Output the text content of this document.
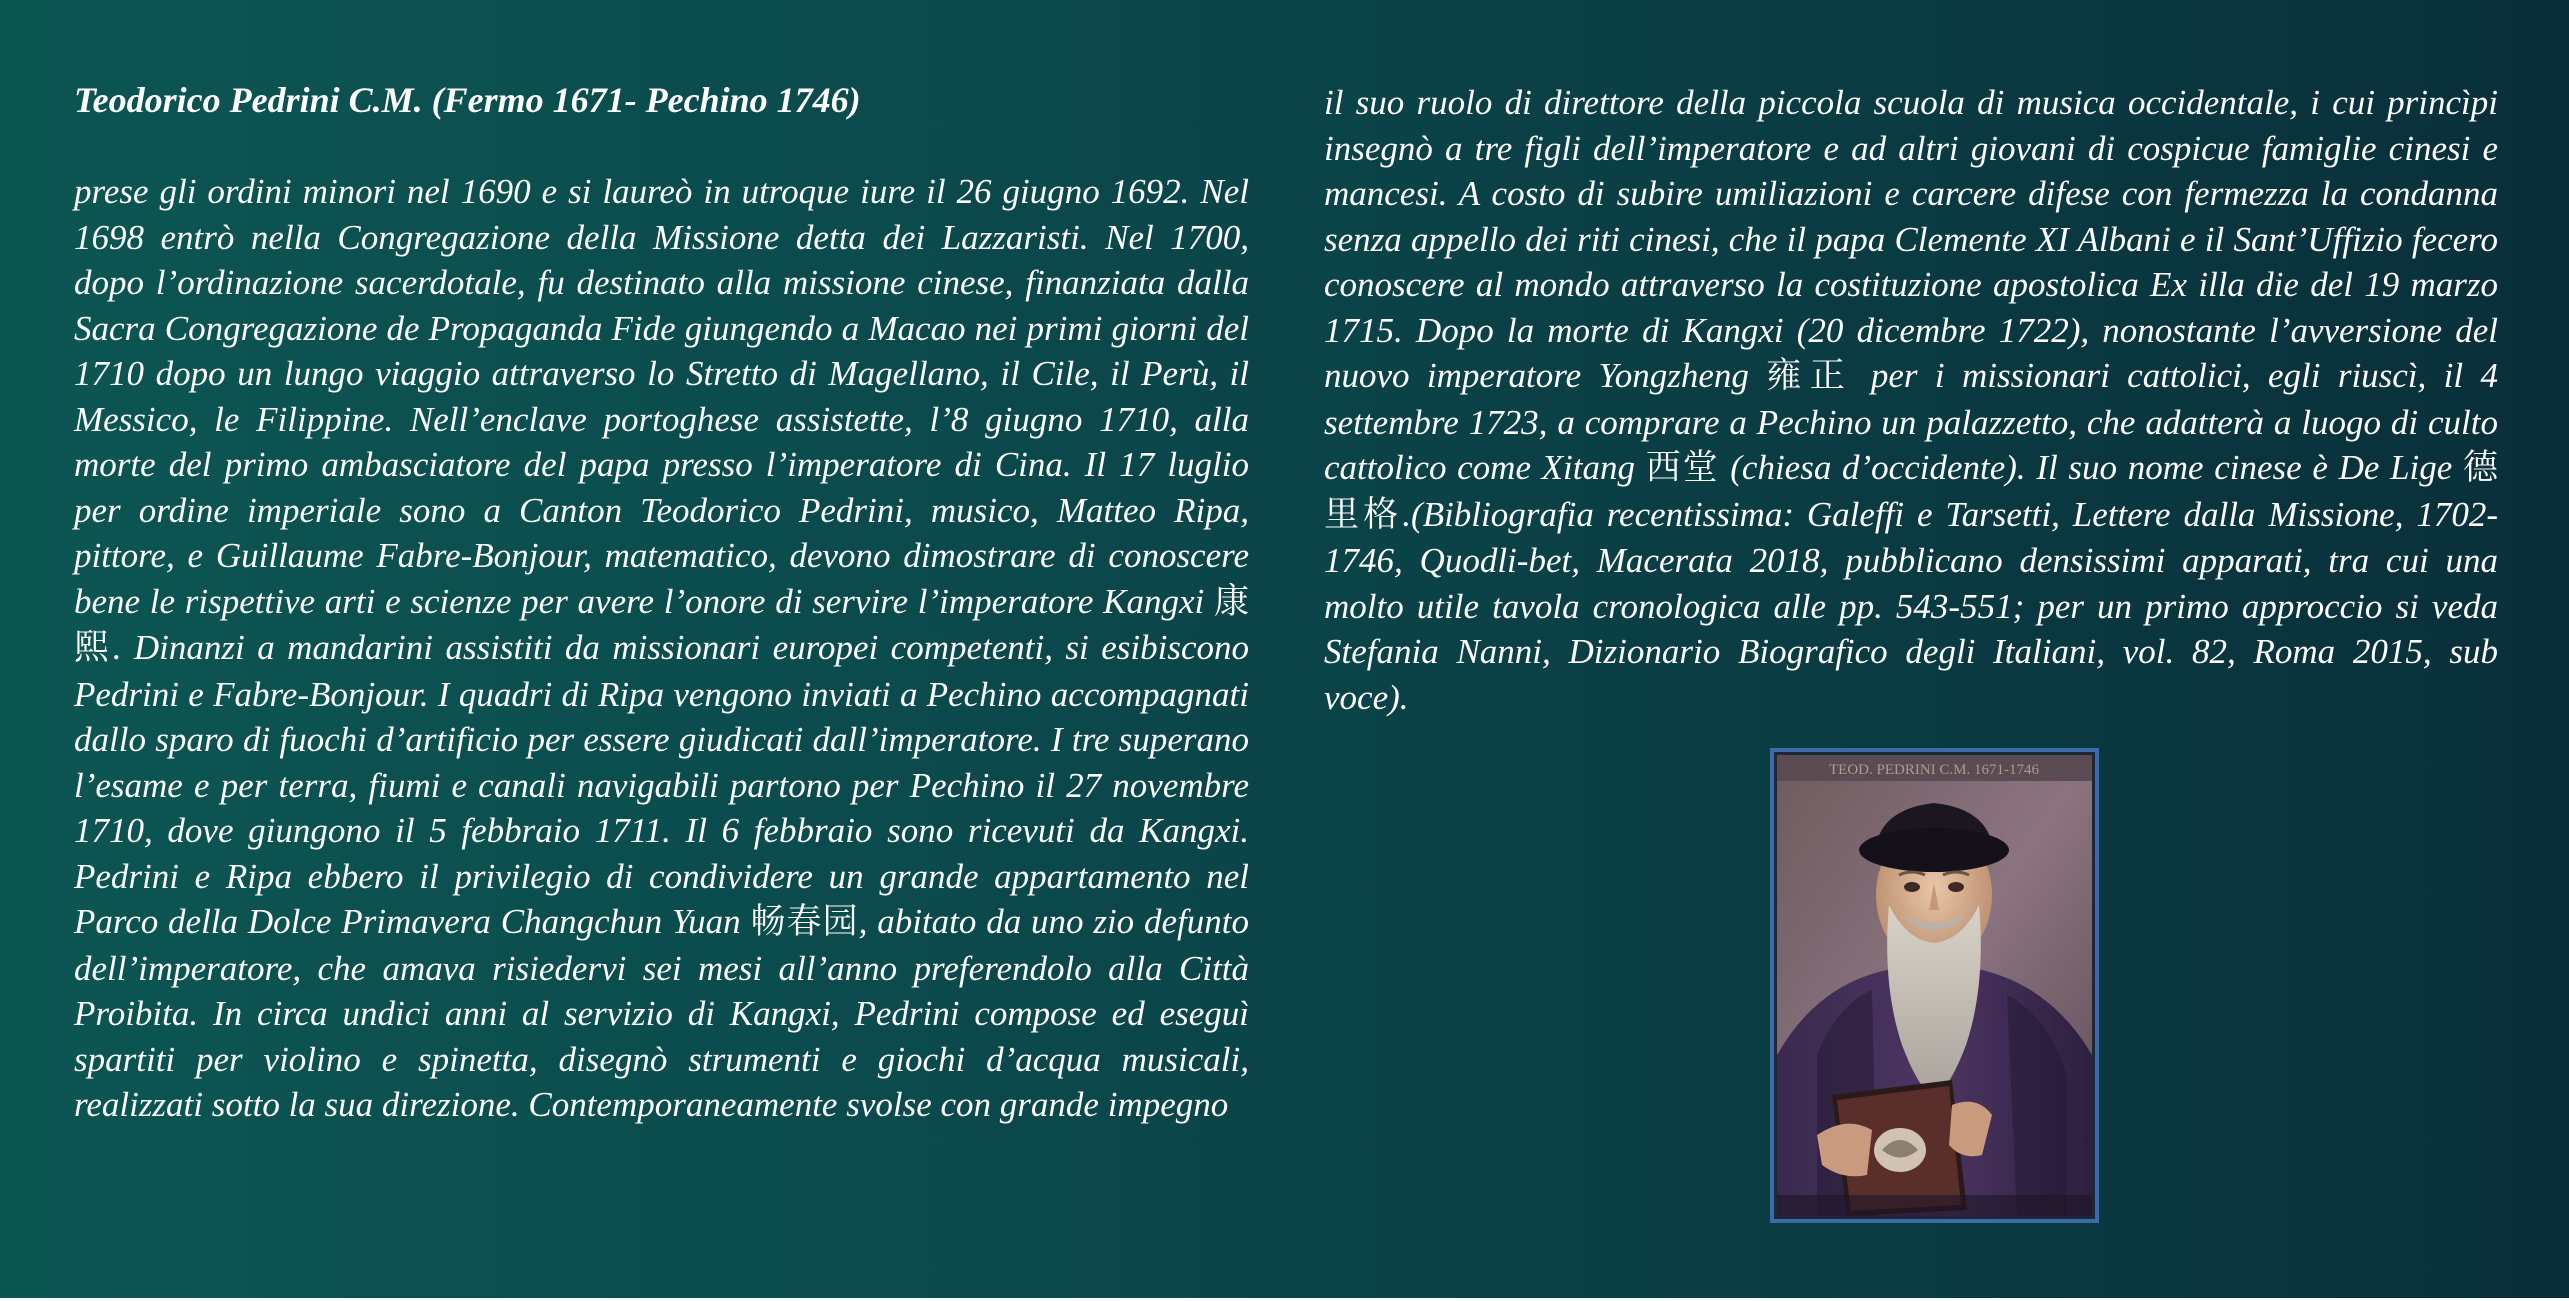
Teodorico Pedrini C.M. (Fermo 1671- Pechino 1746)

prese gli ordini minori nel 1690 e si laureò in utroque iure il 26 giugno 1692. Nel 1698 entrò nella Congregazione della Missione detta dei Lazzaristi. Nel 1700, dopo l’ordinazione sacerdotale, fu destinato alla missione cinese, finanziata dalla Sacra Congregazione de Propaganda Fide giungendo a Macao nei primi giorni del 1710 dopo un lungo viaggio attraverso lo Stretto di Magellano, il Cile, il Perù, il Messico, le Filippine. Nell’enclave portoghese assistette, l’8 giugno 1710, alla morte del primo ambasciatore del papa presso l’imperatore di Cina. Il 17 luglio per ordine imperiale sono a Canton Teodorico Pedrini, musico, Matteo Ripa, pittore, e Guillaume Fabre-Bonjour, matematico, devono dimostrare di conoscere bene le rispettive arti e scienze per avere l’onore di servire l’imperatore Kangxi 康熙. Dinanzi a mandarini assistiti da missionari europei competenti, si esibiscono Pedrini e Fabre-Bonjour. I quadri di Ripa vengono inviati a Pechino accompagnati dallo sparo di fuochi d’artificio per essere giudicati dall’imperatore. I tre superano l’esame e per terra, fiumi e canali navigabili partono per Pechino il 27 novembre 1710, dove giungono il 5 febbraio 1711. Il 6 febbraio sono ricevuti da Kangxi. Pedrini e Ripa ebbero il privilegio di condividere un grande appartamento nel Parco della Dolce Primavera Changchun Yuan 畅春园, abitato da uno zio defunto dell’imperatore, che amava risiedervi sei mesi all’anno preferendolo alla Città Proibita. In circa undici anni al servizio di Kangxi, Pedrini compose ed eseguì spartiti per violino e spinetta, disegnò strumenti e giochi d’acqua musicali, realizzati sotto la sua direzione. Contemporaneamente svolse con grande impegno

il suo ruolo di direttore della piccola scuola di musica occidentale, i cui princìpi insegnò a tre figli dell’imperatore e ad altri giovani di cospicue famiglie cinesi e mancesi. A costo di subire umiliazioni e carcere difese con fermezza la condanna senza appello dei riti cinesi, che il papa Clemente XI Albani e il Sant’Uffizio fecero conoscere al mondo attraverso la costituzione apostolica Ex illa die del 19 marzo 1715. Dopo la morte di Kangxi (20 dicembre 1722), nonostante l’avversione del nuovo imperatore Yongzheng 雍正 per i missionari cattolici, egli riuscì, il 4 settembre 1723, a comprare a Pechino un palazzetto, che adatterà a luogo di culto cattolico come Xitang 西堂 (chiesa d’occidente). Il suo nome cinese è De Lige 德里格.(Bibliografia recentissima: Galeffi e Tarsetti, Lettere dalla Missione, 1702-1746, Quodli-bet, Macerata 2018, pubblicano densissimi apparati, tra cui una molto utile tavola cronologica alle pp. 543-551; per un primo approccio si veda Stefania Nanni, Dizionario Biografico degli Italiani, vol. 82, Roma 2015, sub voce).

TEOD. PEDRINI C.M. 1671-1746
